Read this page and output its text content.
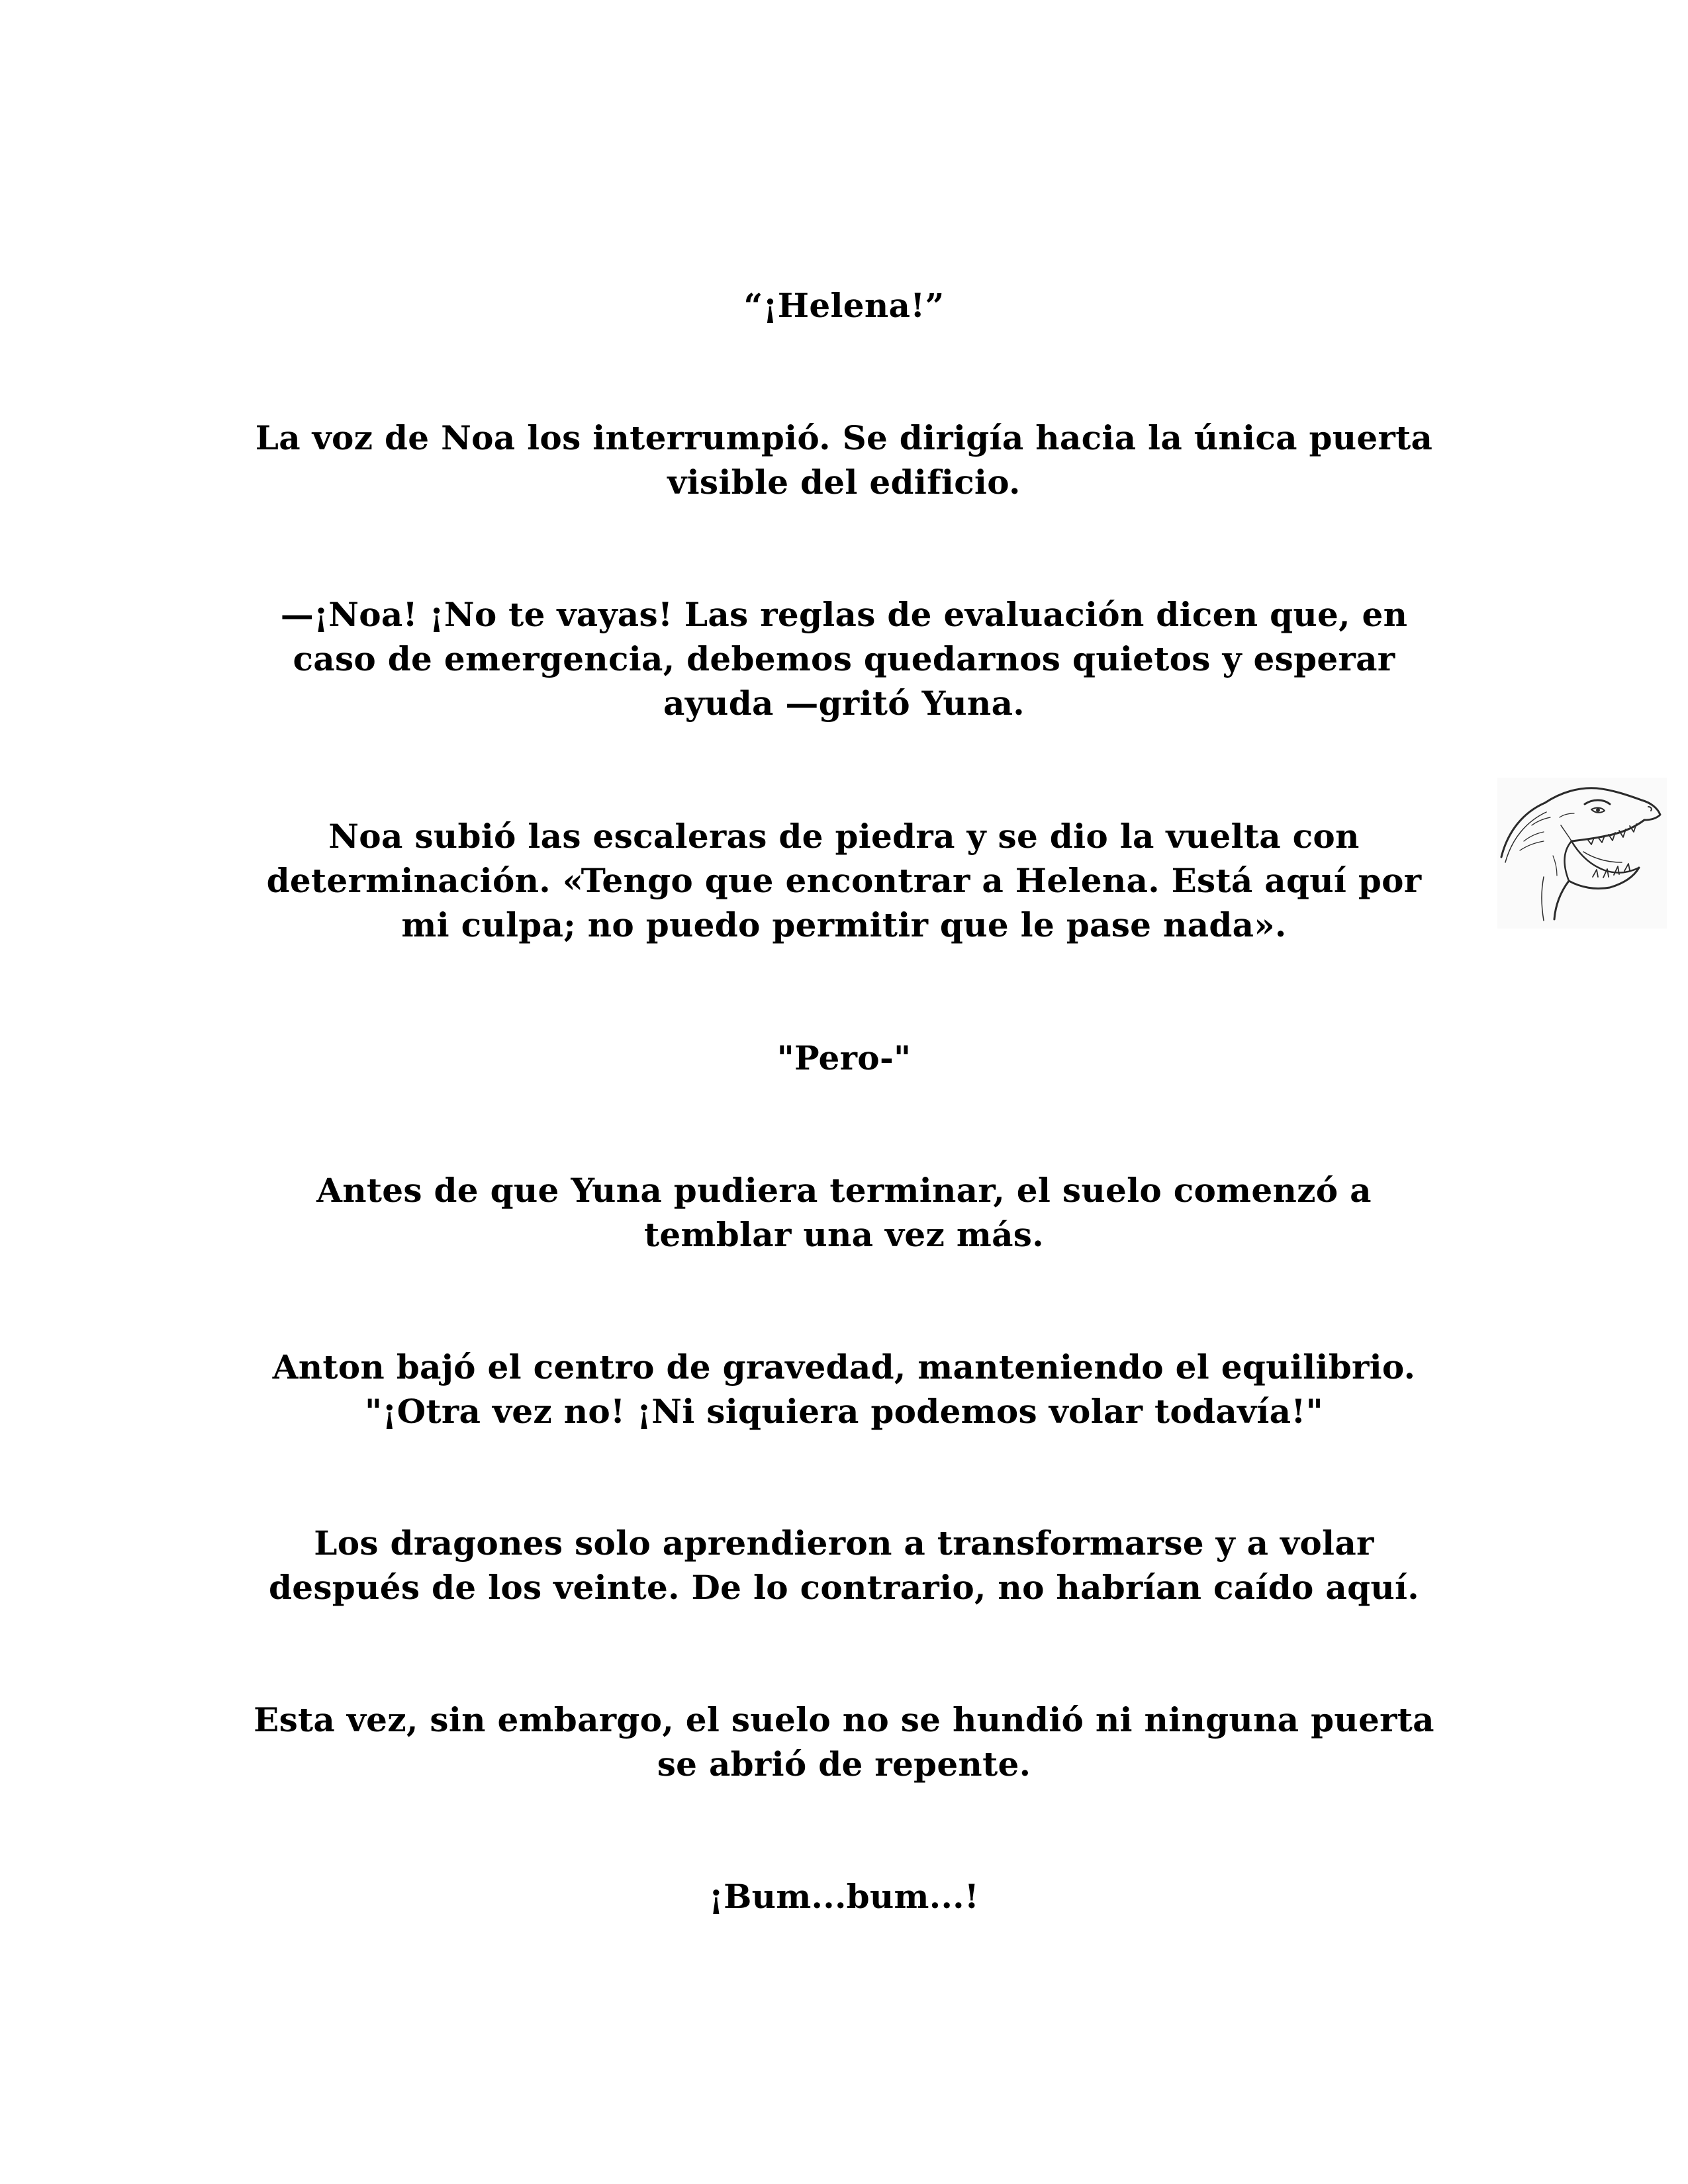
“¡Helena!”

La voz de Noa los interrumpió. Se dirigía hacia la única puerta
visible del edificio.

—¡Noa! ¡No te vayas! Las reglas de evaluación dicen que, en
caso de emergencia, debemos quedarnos quietos y esperar
ayuda —gritó Yuna.

Noa subió las escaleras de piedra y se dio la vuelta con
determinación. «Tengo que encontrar a Helena. Está aquí por
mi culpa; no puedo permitir que le pase nada».

"Pero-"

Antes de que Yuna pudiera terminar, el suelo comenzó a
temblar una vez más.

Anton bajó el centro de gravedad, manteniendo el equilibrio.
"¡Otra vez no! ¡Ni siquiera podemos volar todavía!"

Los dragones solo aprendieron a transformarse y a volar
después de los veinte. De lo contrario, no habrían caído aquí.

Esta vez, sin embargo, el suelo no se hundió ni ninguna puerta
se abrió de repente.

¡Bum...bum...!
